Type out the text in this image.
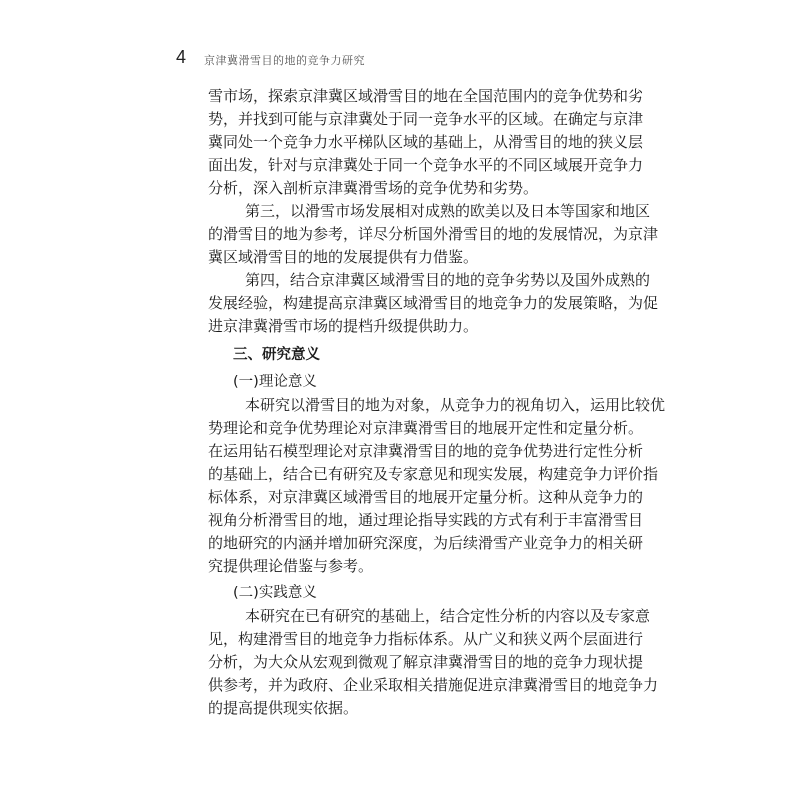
4 京津冀滑雪目的地的竞争力研究
雪市场，探索京津冀区域滑雪目的地在全国范围内的竞争优势和劣
势，并找到可能与京津冀处于同一竞争水平的区域。在确定与京津
冀同处一个竞争力水平梯队区域的基础上，从滑雪目的地的狭义层
面出发，针对与京津冀处于同一个竞争水平的不同区域展开竞争力
分析，深入剖析京津冀滑雪场的竞争优势和劣势。
第三，以滑雪市场发展相对成熟的欧美以及日本等国家和地区
的滑雪目的地为参考，详尽分析国外滑雪目的地的发展情况，为京津
冀区域滑雪目的地的发展提供有力借鉴。
第四，结合京津冀区域滑雪目的地的竞争劣势以及国外成熟的
发展经验，构建提高京津冀区域滑雪目的地竞争力的发展策略，为促
进京津冀滑雪市场的提档升级提供助力。
三、研究意义
(一)理论意义
本研究以滑雪目的地为对象，从竞争力的视角切入，运用比较优
势理论和竞争优势理论对京津冀滑雪目的地展开定性和定量分析。
在运用钻石模型理论对京津冀滑雪目的地的竞争优势进行定性分析
的基础上，结合已有研究及专家意见和现实发展，构建竞争力评价指
标体系，对京津冀区域滑雪目的地展开定量分析。这种从竞争力的
视角分析滑雪目的地，通过理论指导实践的方式有利于丰富滑雪目
的地研究的内涵并增加研究深度，为后续滑雪产业竞争力的相关研
究提供理论借鉴与参考。
(二)实践意义
本研究在已有研究的基础上，结合定性分析的内容以及专家意
见，构建滑雪目的地竞争力指标体系。从广义和狭义两个层面进行
分析，为大众从宏观到微观了解京津冀滑雪目的地的竞争力现状提
供参考，并为政府、企业采取相关措施促进京津冀滑雪目的地竞争力
的提高提供现实依据。
